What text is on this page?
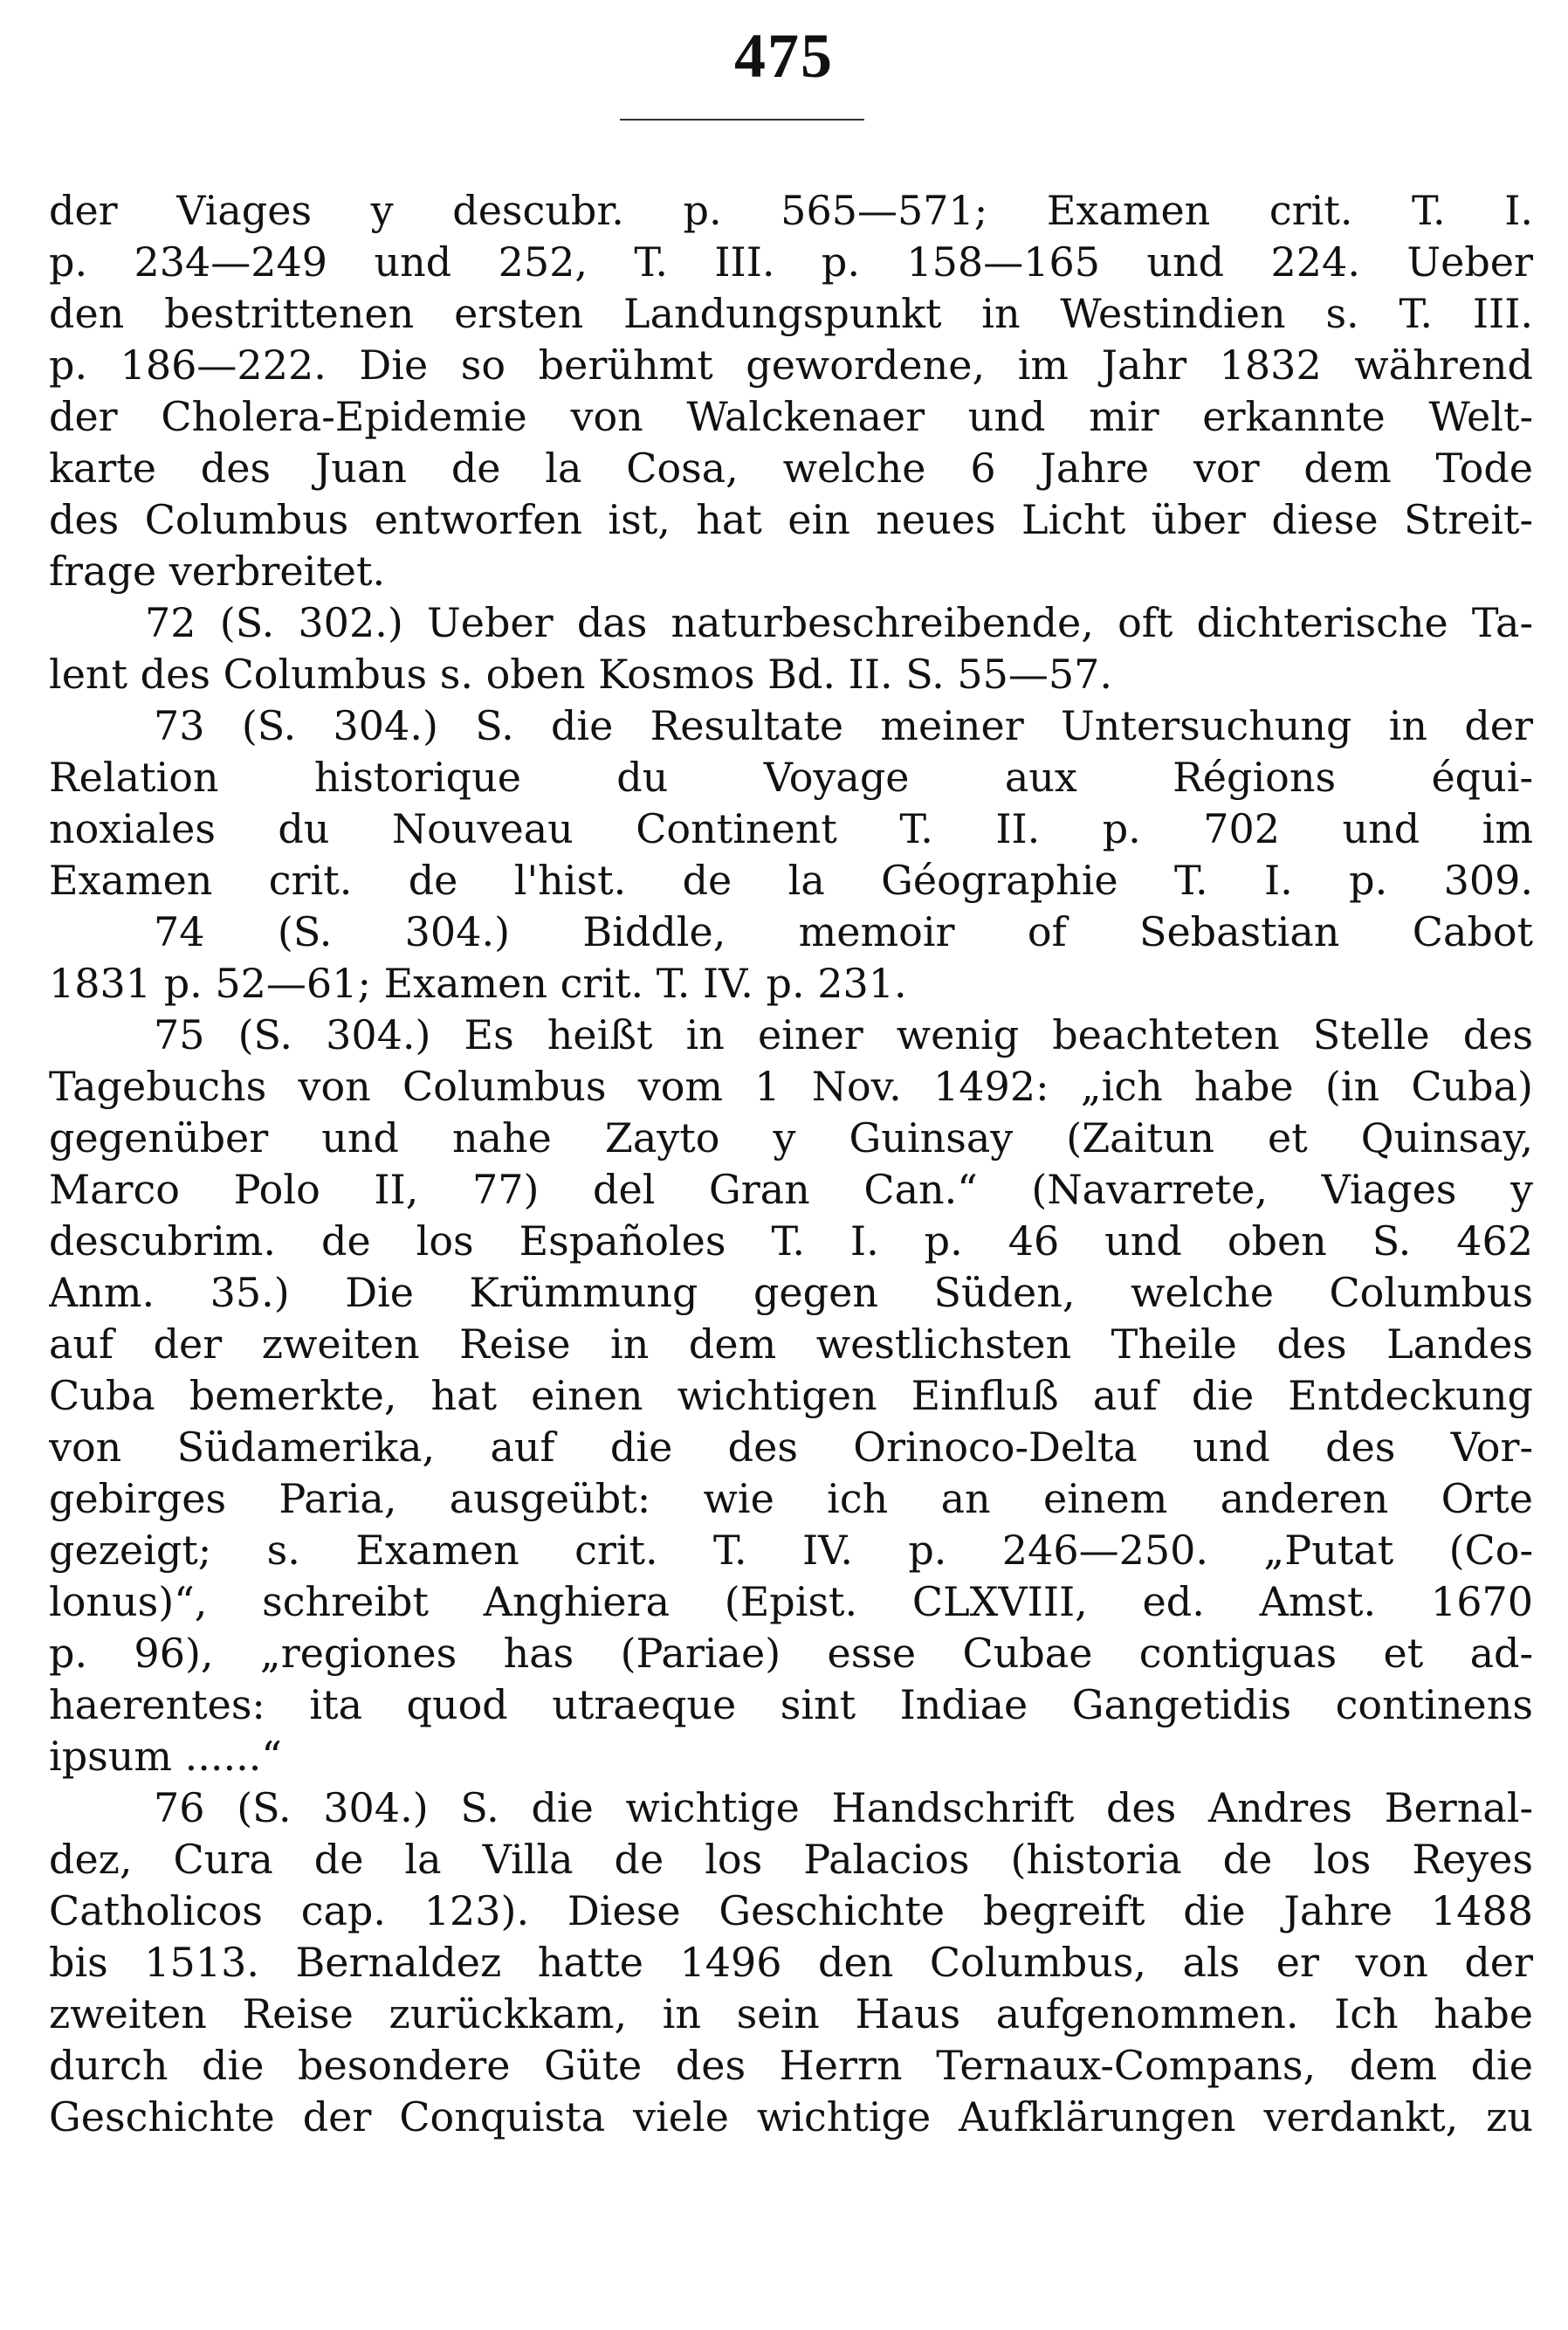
475
der Viages y descubr. p. 565—571; Examen crit. T. I.
p. 234—249 und 252, T. III. p. 158—165 und 224. Ueber
den bestrittenen ersten Landungspunkt in Westindien s. T. III.
p. 186—222. Die so berühmt gewordene, im Jahr 1832 während
der Cholera-Epidemie von Walckenaer und mir erkannte Welt-
karte des Juan de la Cosa, welche 6 Jahre vor dem Tode
des Columbus entworfen ist, hat ein neues Licht über diese Streit-
frage verbreitet.
72 (S. 302.) Ueber das naturbeschreibende, oft dichterische Ta-
lent des Columbus s. oben Kosmos Bd. II. S. 55—57.
73 (S. 304.) S. die Resultate meiner Untersuchung in der
Relation historique du Voyage aux Régions équi-
noxiales du Nouveau Continent T. II. p. 702 und im
Examen crit. de l'hist. de la Géographie T. I. p. 309.
74 (S. 304.) Biddle, memoir of Sebastian Cabot
1831 p. 52—61; Examen crit. T. IV. p. 231.
75 (S. 304.) Es heißt in einer wenig beachteten Stelle des
Tagebuchs von Columbus vom 1 Nov. 1492: „ich habe (in Cuba)
gegenüber und nahe Zayto y Guinsay (Zaitun et Quinsay,
Marco Polo II, 77) del Gran Can.“ (Navarrete, Viages y
descubrim. de los Españoles T. I. p. 46 und oben S. 462
Anm. 35.) Die Krümmung gegen Süden, welche Columbus
auf der zweiten Reise in dem westlichsten Theile des Landes
Cuba bemerkte, hat einen wichtigen Einfluß auf die Entdeckung
von Südamerika, auf die des Orinoco-Delta und des Vor-
gebirges Paria, ausgeübt: wie ich an einem anderen Orte
gezeigt; s. Examen crit. T. IV. p. 246—250. „Putat (Co-
lonus)“, schreibt Anghiera (Epist. CLXVIII, ed. Amst. 1670
p. 96), „regiones has (Pariae) esse Cubae contiguas et ad-
haerentes: ita quod utraeque sint Indiae Gangetidis continens
ipsum ......“
76 (S. 304.) S. die wichtige Handschrift des Andres Bernal-
dez, Cura de la Villa de los Palacios (historia de los Reyes
Catholicos cap. 123). Diese Geschichte begreift die Jahre 1488
bis 1513. Bernaldez hatte 1496 den Columbus, als er von der
zweiten Reise zurückkam, in sein Haus aufgenommen. Ich habe
durch die besondere Güte des Herrn Ternaux-Compans, dem die
Geschichte der Conquista viele wichtige Aufklärungen verdankt, zu
